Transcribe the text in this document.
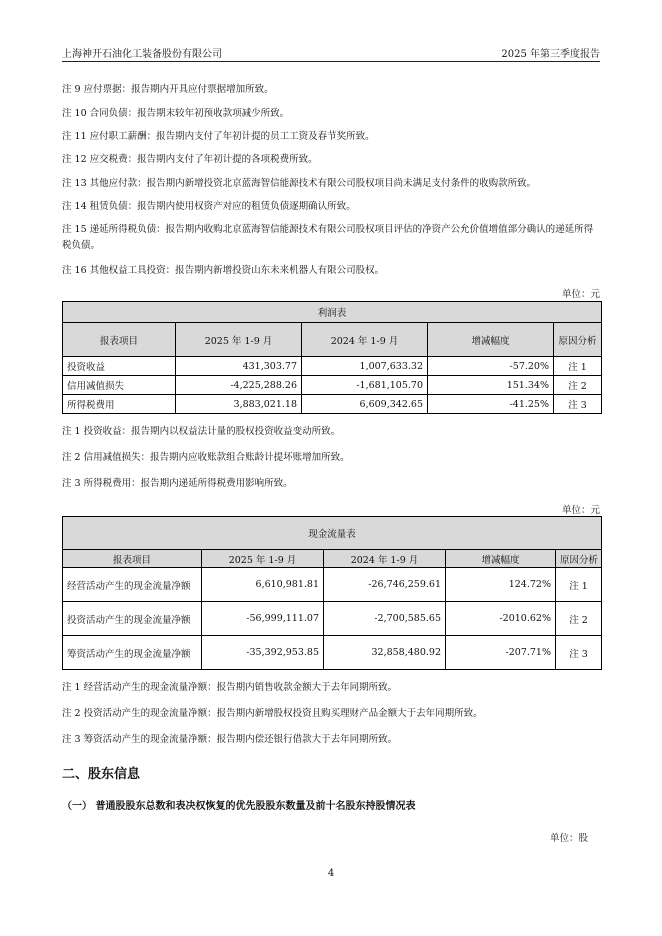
上海神开石油化工装备股份有限公司	2025 年第三季度报告
注 9 应付票据：报告期内开具应付票据增加所致。
注 10 合同负债：报告期末较年初预收款项减少所致。
注 11 应付职工薪酬：报告期内支付了年初计提的员工工资及春节奖所致。
注 12 应交税费：报告期内支付了年初计提的各项税费所致。
注 13 其他应付款：报告期内新增投资北京蓝海智信能源技术有限公司股权项目尚未满足支付条件的收购款所致。
注 14 租赁负债：报告期内使用权资产对应的租赁负债逐期确认所致。
注 15 递延所得税负债：报告期内收购北京蓝海智信能源技术有限公司股权项目评估的净资产公允价值增值部分确认的递延所得税负债。
注 16 其他权益工具投资：报告期内新增投资山东未来机器人有限公司股权。
单位：元
利润表				
报表项目	2025 年 1-9 月	2024 年 1-9 月	增减幅度	原因分析
投资收益	431,303.77	1,007,633.32	-57.20%	注 1
信用减值损失	-4,225,288.26	-1,681,105.70	151.34%	注 2
所得税费用	3,883,021.18	6,609,342.65	-41.25%	注 3
注 1 投资收益：报告期内以权益法计量的股权投资收益变动所致。
注 2 信用减值损失：报告期内应收账款组合账龄计提坏账增加所致。
注 3 所得税费用：报告期内递延所得税费用影响所致。
单位：元
现金流量表				
报表项目	2025 年 1-9 月	2024 年 1-9 月	增减幅度	原因分析
经营活动产生的现金流量净额	6,610,981.81	-26,746,259.61	124.72%	注 1
投资活动产生的现金流量净额	-56,999,111.07	-2,700,585.65	-2010.62%	注 2
筹资活动产生的现金流量净额	-35,392,953.85	32,858,480.92	-207.71%	注 3
注 1 经营活动产生的现金流量净额：报告期内销售收款金额大于去年同期所致。
注 2 投资活动产生的现金流量净额：报告期内新增股权投资且购买理财产品金额大于去年同期所致。
注 3 筹资活动产生的现金流量净额：报告期内偿还银行借款大于去年同期所致。
二、股东信息
（一） 普通股股东总数和表决权恢复的优先股股东数量及前十名股东持股情况表
单位：股
4
